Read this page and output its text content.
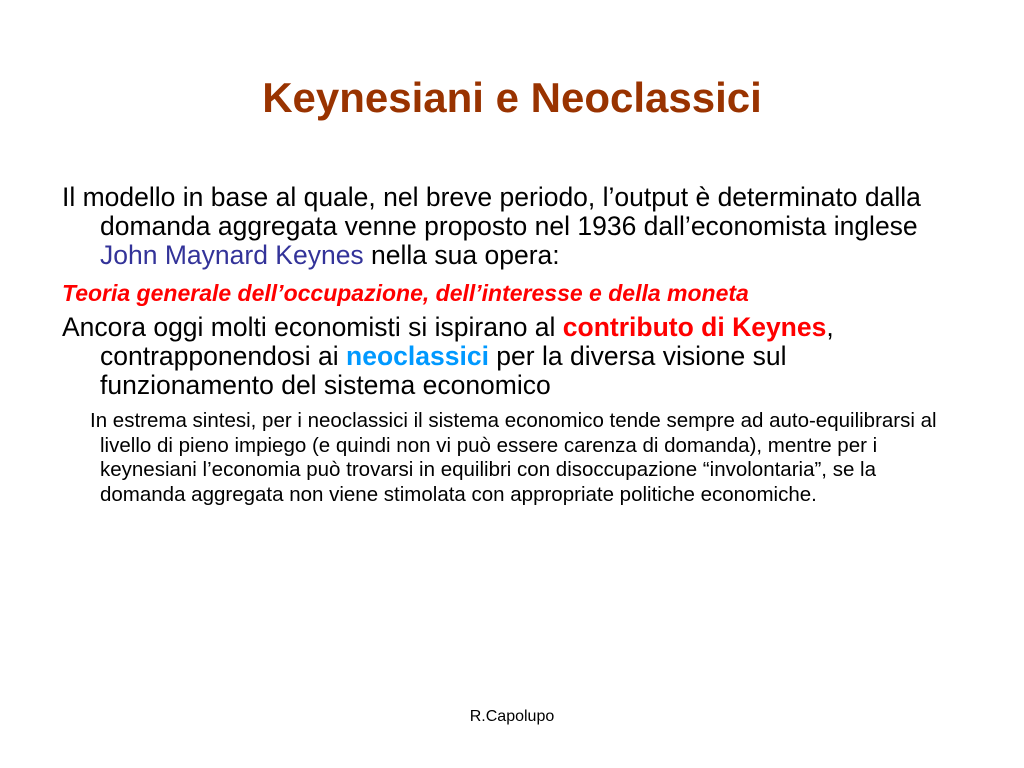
Keynesiani e Neoclassici

Il modello in base al quale, nel breve periodo, l’output è determinato dalla domanda aggregata venne proposto nel 1936 dall’economista inglese John Maynard Keynes nella sua opera:

Teoria generale dell’occupazione, dell’interesse e della moneta

Ancora oggi molti economisti si ispirano al contributo di Keynes, contrapponendosi ai neoclassici per la diversa visione sul funzionamento del sistema economico

In estrema sintesi, per i neoclassici il sistema economico tende sempre ad auto-equilibrarsi al livello di pieno impiego (e quindi non vi può essere carenza di domanda), mentre per i keynesiani l’economia può trovarsi in equilibri con disoccupazione “involontaria”, se la domanda aggregata non viene stimolata con appropriate politiche economiche.

R.Capolupo
